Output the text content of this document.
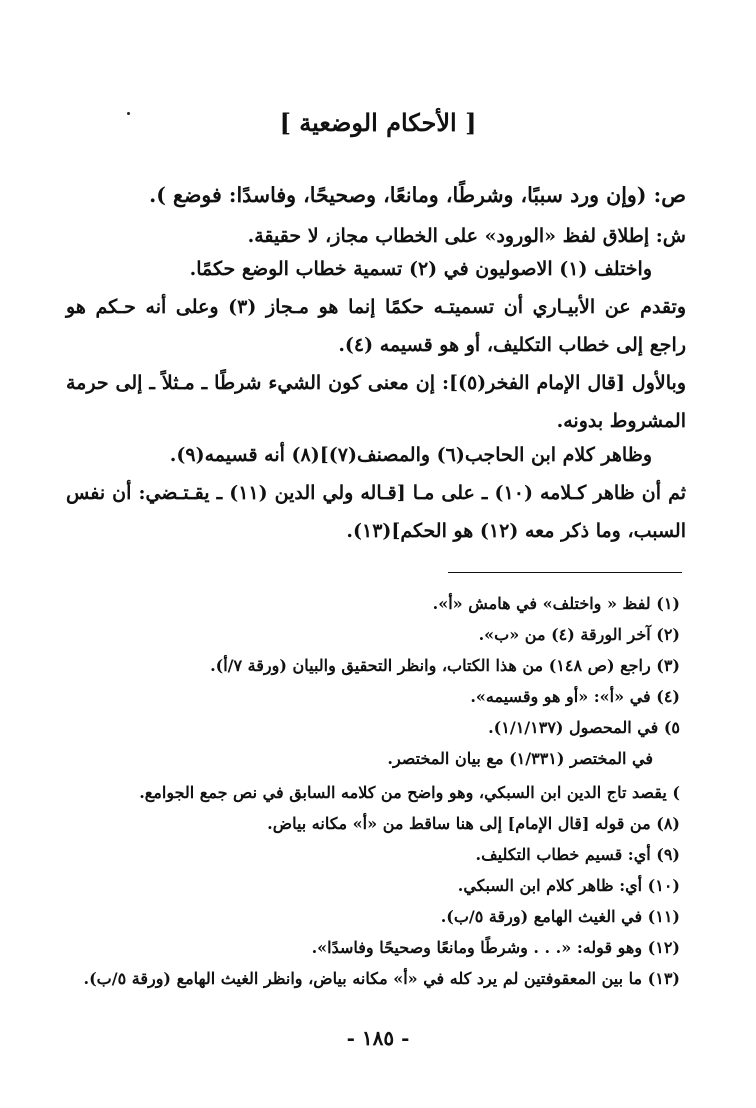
[ الأحكام الوضعية ]
ص: (وإن ورد سببًا، وشرطًا، ومانعًا، وصحيحًا، وفاسدًا: فوضع ).
ش: إطلاق لفظ «الورود» على الخطاب مجاز، لا حقيقة.
واختلف (١) الاصوليون في (٢) تسمية خطاب الوضع حكمًا.
وتقدم عن الأبيـاري أن تسميتـه حكمًا إنما هو مـجاز (٣) وعلى أنه حـكم هو
راجع إلى خطاب التكليف، أو هو قسيمه (٤).
وبالأول [قال الإمام الفخر(٥)]: إن معنى كون الشيء شرطًا ـ مـثلاً ـ إلى حرمة
المشروط بدونه.
وظاهر كلام ابن الحاجب(٦) والمصنف(٧)](٨) أنه قسيمه(٩).
ثم أن ظاهر كـلامه (١٠) ـ على مـا [قـاله ولي الدين (١١) ـ يقـتـضي: أن نفس
السبب، وما ذكر معه (١٢) هو الحكم](١٣).
(١) لفظ « واختلف» في هامش «أ».
(٢) آخر الورقة (٤) من «ب».
(٣) راجع (ص ١٤٨) من هذا الكتاب، وانظر التحقيق والبيان (ورقة ٧/أ).
(٤) في «أ»: «أو هو وقسيمه».
٥) في المحصول (١/١/١٣٧).
في المختصر (١/٣٣١) مع بيان المختصر.
) يقصد تاج الدين ابن السبكي، وهو واضح من كلامه السابق في نص جمع الجوامع.
(٨) من قوله [قال الإمام] إلى هنا ساقط من «أ» مكانه بياض.
(٩) أي: قسيم خطاب التكليف.
(١٠) أي: ظاهر كلام ابن السبكي.
(١١) في الغيث الهامع (ورقة ٥/ب).
(١٢) وهو قوله: «. . . وشرطًا ومانعًا وصحيحًا وفاسدًا».
(١٣) ما بين المعقوفتين لم يرد كله في «أ» مكانه بياض، وانظر الغيث الهامع (ورقة ٥/ب).
- ١٨٥ -
